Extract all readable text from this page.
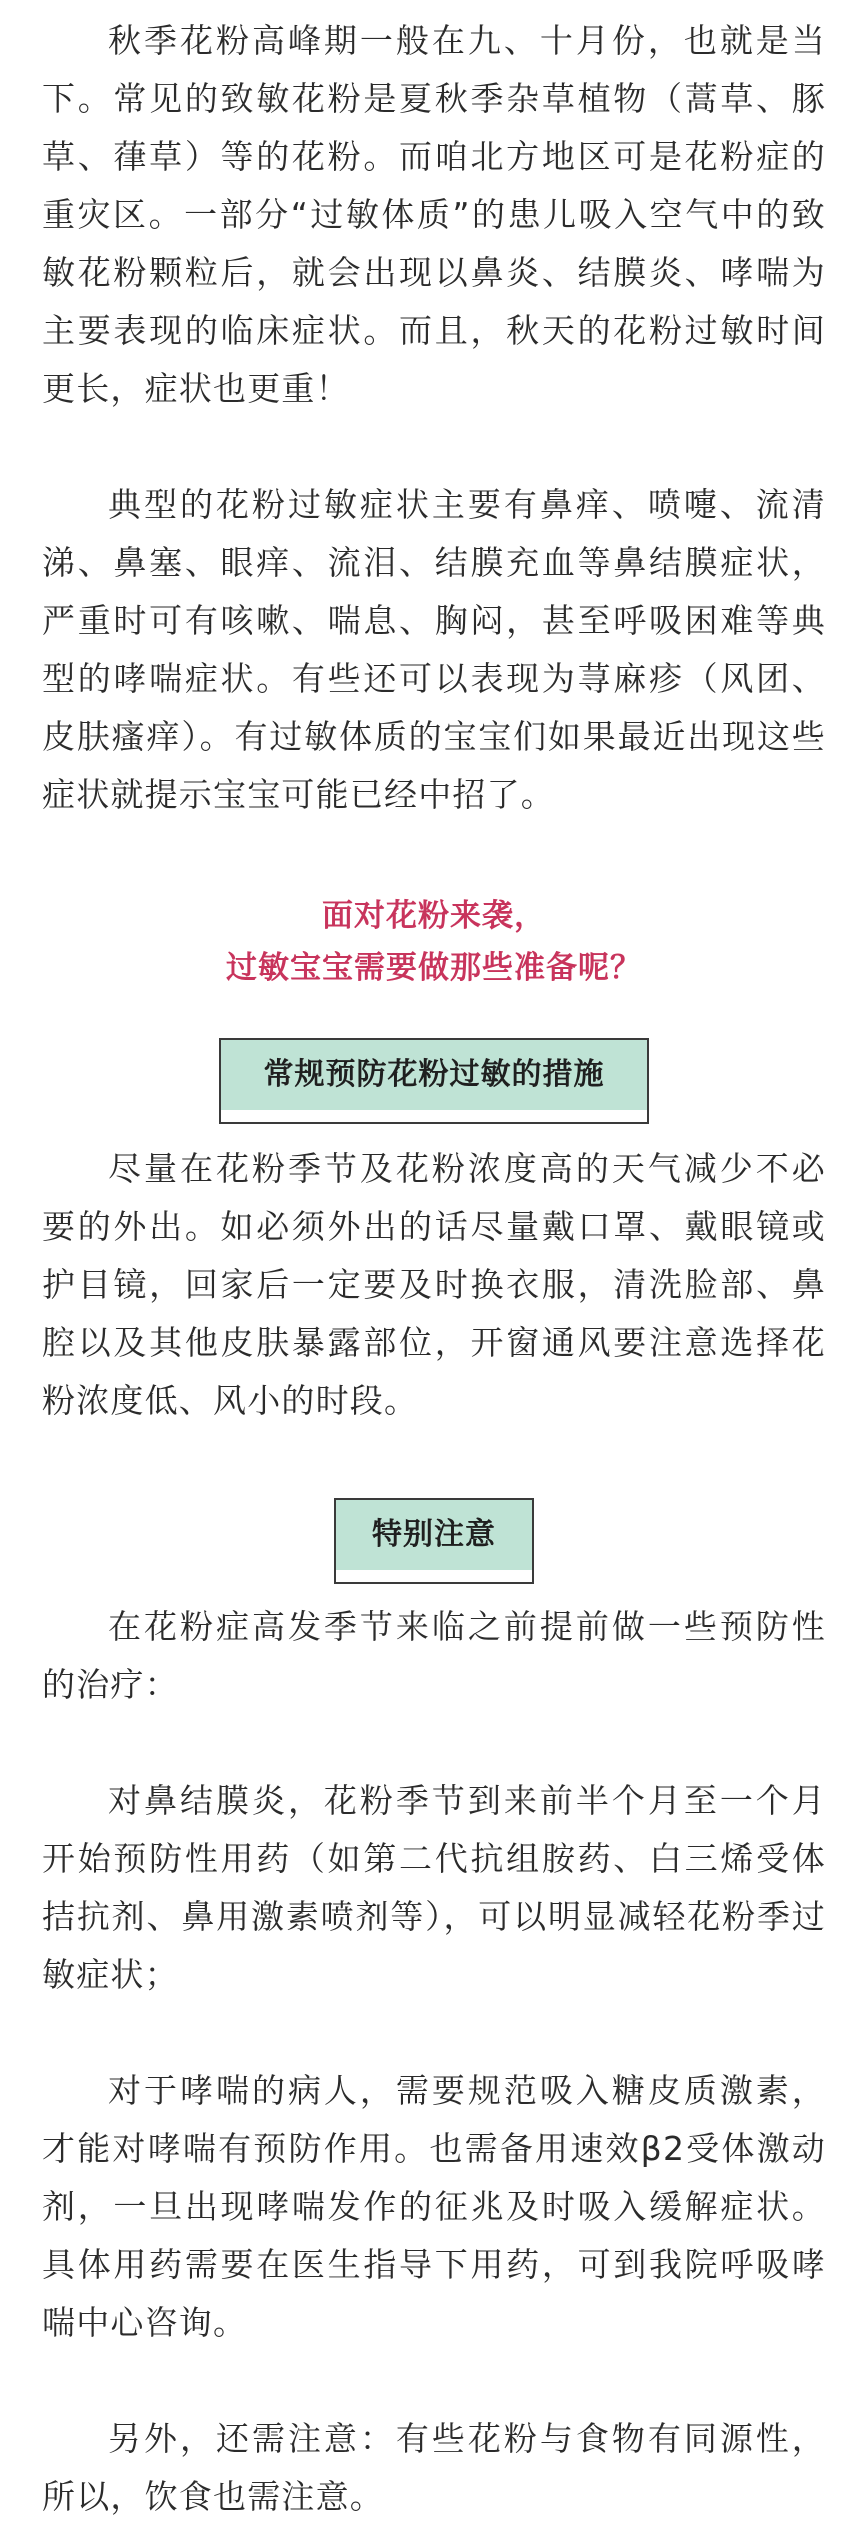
秋季花粉高峰期一般在九、十月份，也就是当下。常见的致敏花粉是夏秋季杂草植物（蒿草、豚草、葎草）等的花粉。而咱北方地区可是花粉症的重灾区。一部分“过敏体质”的患儿吸入空气中的致敏花粉颗粒后，就会出现以鼻炎、结膜炎、哮喘为主要表现的临床症状。而且，秋天的花粉过敏时间更长，症状也更重！

典型的花粉过敏症状主要有鼻痒、喷嚏、流清涕、鼻塞、眼痒、流泪、结膜充血等鼻结膜症状，严重时可有咳嗽、喘息、胸闷，甚至呼吸困难等典型的哮喘症状。有些还可以表现为荨麻疹（风团、皮肤瘙痒）。有过敏体质的宝宝们如果最近出现这些症状就提示宝宝可能已经中招了。

面对花粉来袭，
过敏宝宝需要做那些准备呢？
常规预防花粉过敏的措施

尽量在花粉季节及花粉浓度高的天气减少不必要的外出。如必须外出的话尽量戴口罩、戴眼镜或护目镜，回家后一定要及时换衣服，清洗脸部、鼻腔以及其他皮肤暴露部位，开窗通风要注意选择花粉浓度低、风小的时段。

特别注意

在花粉症高发季节来临之前提前做一些预防性的治疗：

对鼻结膜炎，花粉季节到来前半个月至一个月开始预防性用药（如第二代抗组胺药、白三烯受体拮抗剂、鼻用激素喷剂等），可以明显减轻花粉季过敏症状；

对于哮喘的病人，需要规范吸入糖皮质激素，才能对哮喘有预防作用。也需备用速效β2受体激动剂，一旦出现哮喘发作的征兆及时吸入缓解症状。具体用药需要在医生指导下用药，可到我院呼吸哮喘中心咨询。

另外，还需注意：有些花粉与食物有同源性，所以，饮食也需注意。
